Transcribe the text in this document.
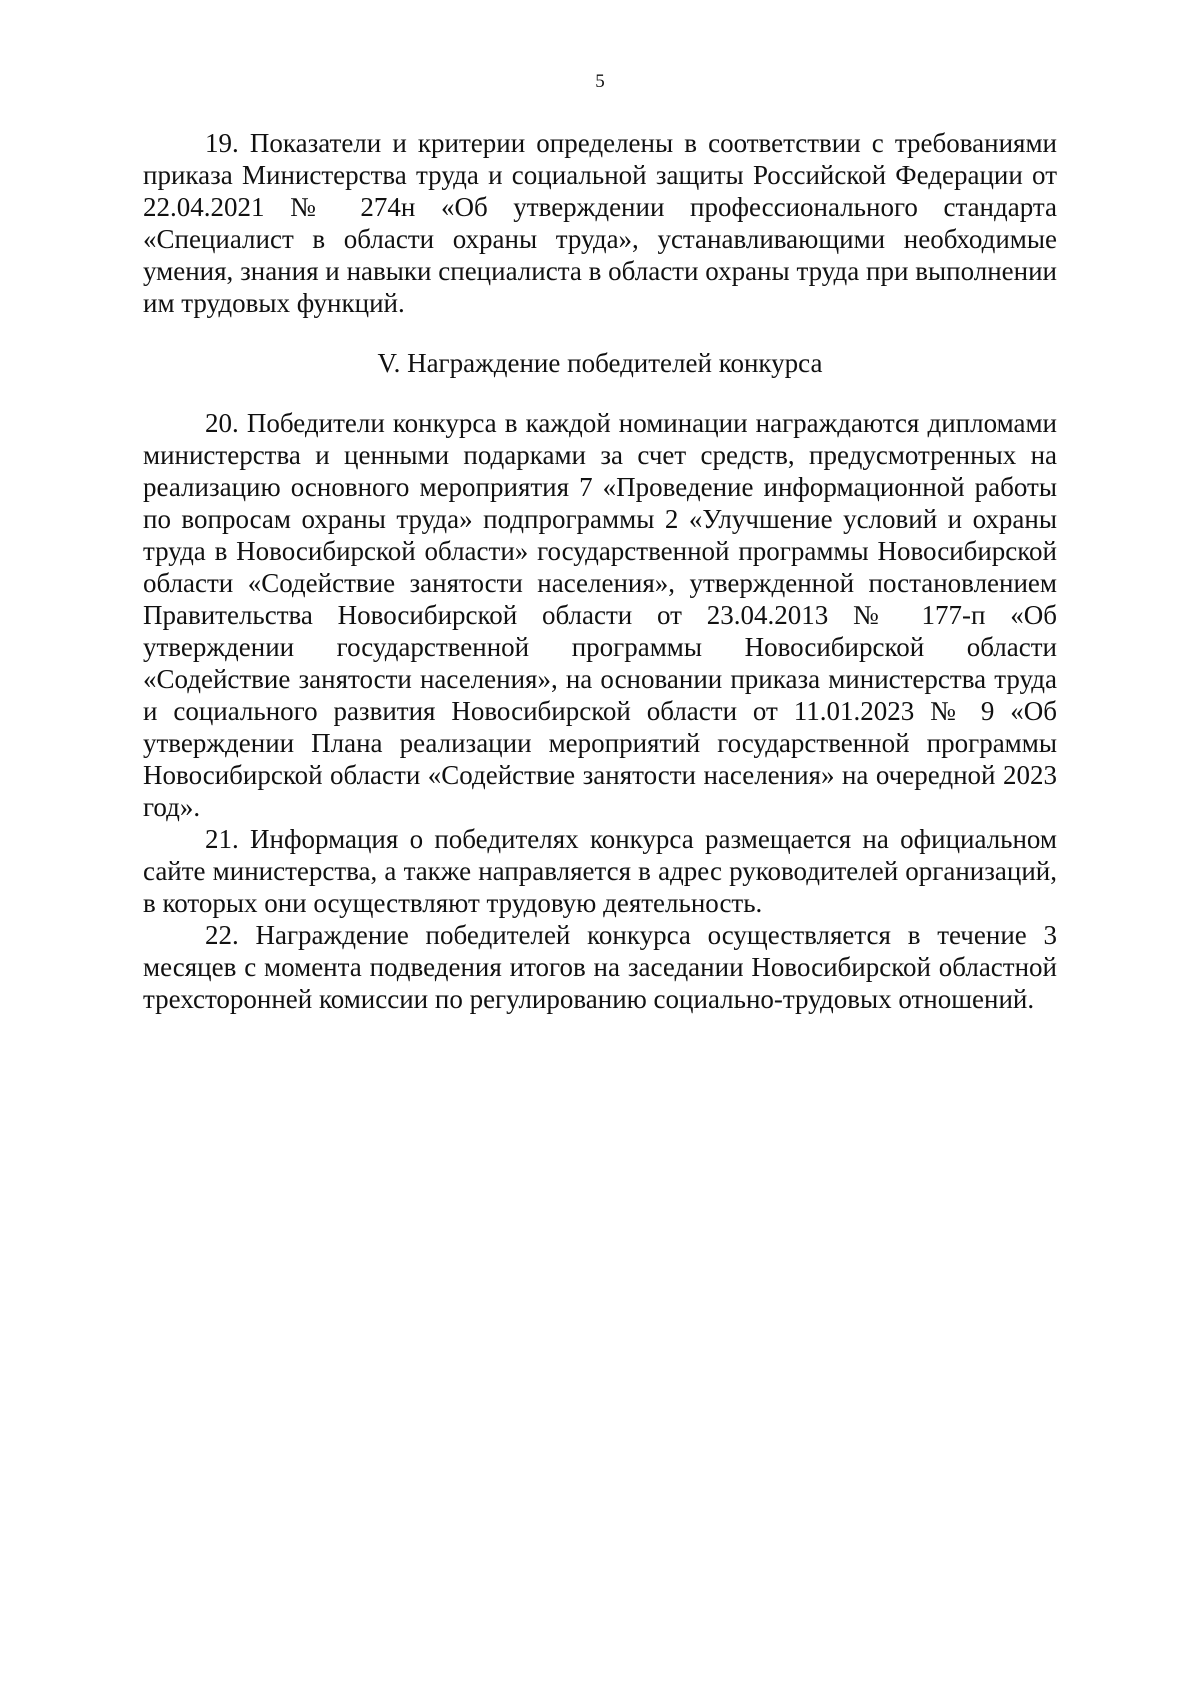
5

19. Показатели и критерии определены в соответствии с требованиями приказа Министерства труда и социальной защиты Российской Федерации от 22.04.2021 № 274н «Об утверждении профессионального стандарта «Специалист в области охраны труда», устанавливающими необходимые умения, знания и навыки специалиста в области охраны труда при выполнении им трудовых функций.

V. Награждение победителей конкурса

20. Победители конкурса в каждой номинации награждаются дипломами министерства и ценными подарками за счет средств, предусмотренных на реализацию основного мероприятия 7 «Проведение информационной работы по вопросам охраны труда» подпрограммы 2 «Улучшение условий и охраны труда в Новосибирской области» государственной программы Новосибирской области «Содействие занятости населения», утвержденной постановлением Правительства Новосибирской области от 23.04.2013 № 177-п «Об утверждении государственной программы Новосибирской области «Содействие занятости населения», на основании приказа министерства труда и социального развития Новосибирской области от 11.01.2023 № 9 «Об утверждении Плана реализации мероприятий государственной программы Новосибирской области «Содействие занятости населения» на очередной 2023 год».

21. Информация о победителях конкурса размещается на официальном сайте министерства, а также направляется в адрес руководителей организаций, в которых они осуществляют трудовую деятельность.

22. Награждение победителей конкурса осуществляется в течение 3 месяцев с момента подведения итогов на заседании Новосибирской областной трехсторонней комиссии по регулированию социально-трудовых отношений.
